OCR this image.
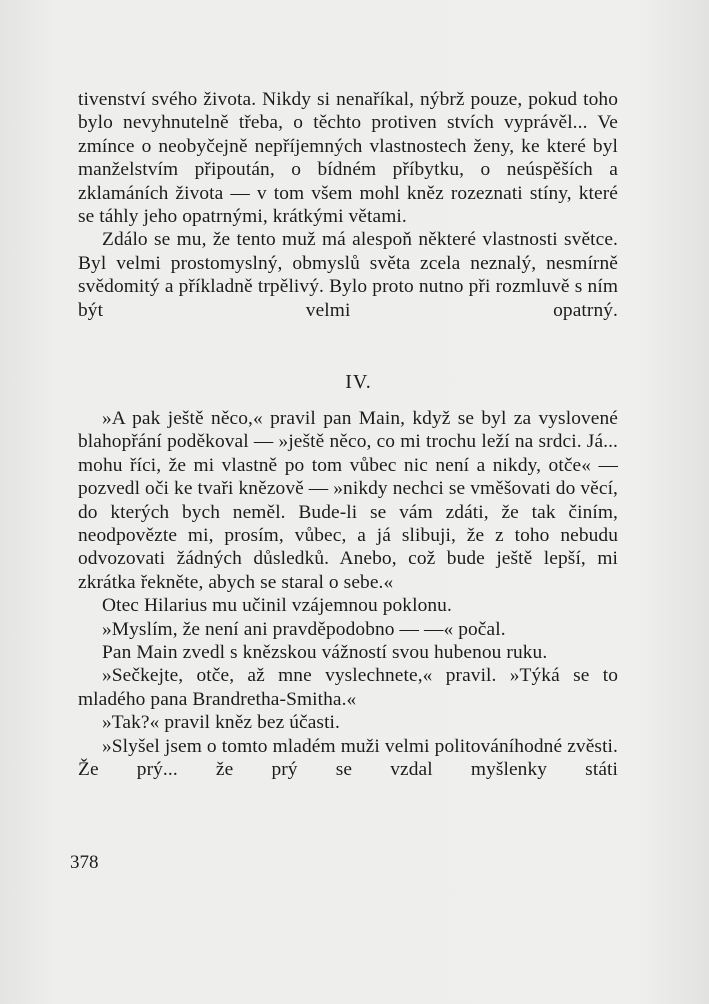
tivenství svého života. Nikdy si nenaříkal, nýbrž pouze, pokud toho bylo nevyhnutelně třeba, o těchto protiven stvích vyprávěl... Ve zmínce o neobyčejně nepříjemných vlastnostech ženy, ke které byl manželstvím připoután, o bídném příbytku, o neúspěších a zklamáních života — v tom všem mohl kněz rozeznati stíny, které se táhly jeho opatrnými, krátkými větami.

Zdálo se mu, že tento muž má alespoň některé vlastnosti světce. Byl velmi prostomyslný, obmyslů světa zcela neznalý, nesmírně svědomitý a příkladně trpělivý. Bylo proto nutno při rozmluvě s ním být velmi opatrný.

IV.

»A pak ještě něco,« pravil pan Main, když se byl za vyslovené blahopřání poděkoval — »ještě něco, co mi trochu leží na srdci. Já... mohu říci, že mi vlastně po tom vůbec nic není a nikdy, otče« — pozvedl oči ke tvaři knězově — »nikdy nechci se vměšovati do věcí, do kterých bych neměl. Bude-li se vám zdáti, že tak činím, neodpovězte mi, prosím, vůbec, a já slibuji, že z toho nebudu odvozovati žádných důsledků. Anebo, což bude ještě lepší, mi zkrátka řekněte, abych se staral o sebe.«

Otec Hilarius mu učinil vzájemnou poklonu.

»Myslím, že není ani pravděpodobno — —« počal.

Pan Main zvedl s knězskou vážností svou hubenou ruku.

»Sečkejte, otče, až mne vyslechnete,« pravil. »Týká se to mladého pana Brandretha-Smitha.«

»Tak?« pravil kněz bez účasti.

»Slyšel jsem o tomto mladém muži velmi politováníhodné zvěsti. Že prý... že prý se vzdal myšlenky státi

378
